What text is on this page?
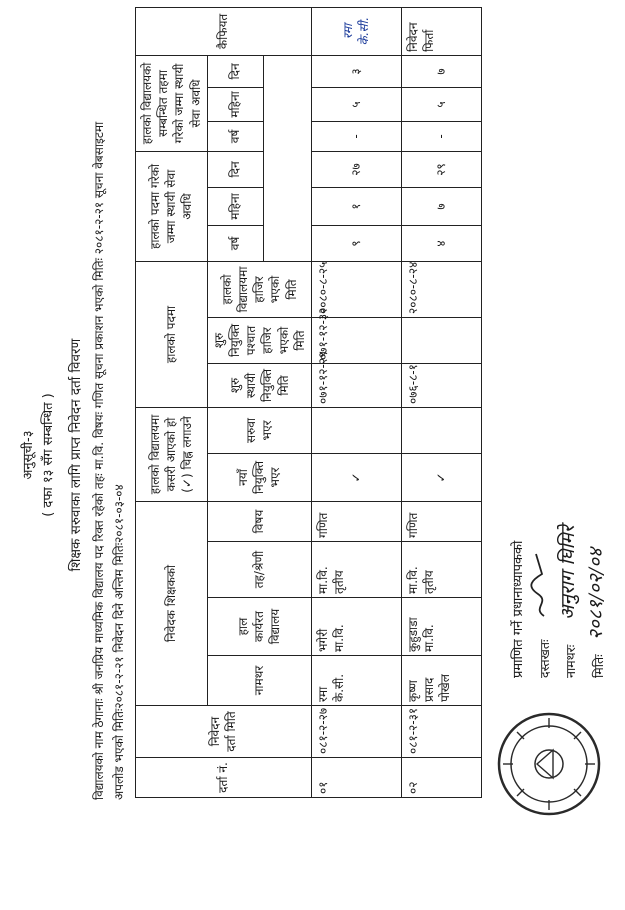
अनुसूची-३ ( दफा १३ सँग सम्बन्धित ) शिक्षक सरुवाका लागि प्राप्त निवेदन दर्ता विवरण विद्यालयको नाम ठेगानाः श्री जनप्रिय माध्यमिक विद्यालय पद रिक्त रहेको तहः मा.वि. विषयः गणित सूचना प्रकाशन भएको मितिः २०८१-२-२१ सूचना वेबसाइटमा अपलोड भएको मितिः२०८१-२-२१ निवेदन दिने अन्तिम मितिः२०८१-०३-०४	दर्ता नं.	निवेदन दर्ता मिति	निवेदक शिक्षकको				हालको विद्यालयमा कसरी आएको हो (✓) चिह्न लगाउने		हालको पदमा			हालको पदमा गरेको जम्मा स्थायी सेवा अवधि			हालको विद्यालयको सम्बन्धित तहमा गरेको जम्मा स्थायी सेवा अवधि			कैफियत
		नामथर	हाल कार्यरत विद्यालय	तह/श्रेणी	विषय	नयाँ नियुक्ति भएर	सरुवा भएर	शुरु स्थायी नियुक्ति मिति	शुरु नियुक्ति पश्चात हाजिर भएको मिति	हालको विद्यालयमा हाजिर भएको मिति	वर्ष	महिना	दिन	वर्ष	महिना	दिन	

०१	०८१-२-२७	रमा के.सी.	भगेरी मा.वि.	मा.वि. तृतीय	गणित	✓		०७१-१२-२९	०७१-१२-३०	२०८०-८-२५	९	१	२७	-	५	३	रमा के.सी.
०२	०८१-२-३१	कृष्ण प्रसाद पोखेल	कुहुडाडा मा.वि.	मा.वि. तृतीय	गणित	✓		०७६-८-१		२०८०-८-२४	४	७	२९	-	५	७	निवेदन फिर्ता
प्रमाणित गर्ने प्रधानाध्यापकको दस्तखतः नामथरः
अनुराग घिमिरे
मितिः
२०८१/०२/०४
